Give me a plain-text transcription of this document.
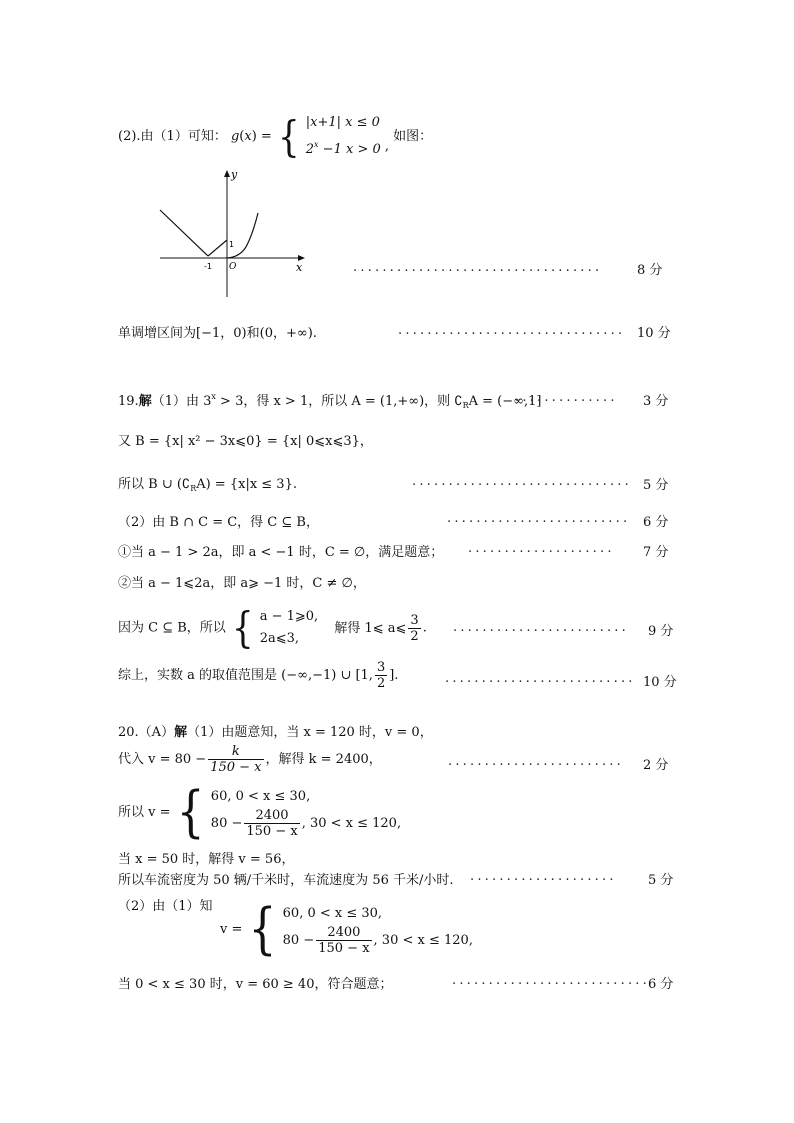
(2).由（1）可知： g(x) = { |x+1| x ≤ 0
$2^x -1$ x > 0 , 如图：
y
x
O
-1
1
..................................	8 分
单调增区间为[−1，0)和(0，+∞).	............................... 10 分
19.解（1）由 $3^x > 3$，得 x > 1，所以 A = (1,+∞)，则 $∁_RA = (-\infty,1]$
.............. 3 分
又 B = {x| x² − 3x⩽0} = {x| 0⩽x⩽3}，
所以 B ∪ $(∁_RA) = \{x|x \le 3\}$.	.............................. 5 分
（2）由 B ∩ C = C，得 C ⊆ B，	......................... 6 分
①当 a − 1 > 2a，即 a < −1 时，C = ∅，满足题意； .................... 7 分
②当 a − 1⩽2a，即 a⩾ −1 时，C ≠ ∅，
因为 C ⊆ B，所以 { a − 1⩾0,
2a⩽3,
解得 1⩽ a⩽ $\frac{3}{2}$ . ........................ 9 分
综上，实数 a 的取值范围是 (−∞,−1) ∪ [1, $\frac{3}{2}$ ].	.......................... 10 分
20.（A）解（1）由题意知，当 x = 120 时，v = 0，
代入 $v = 80 - \frac{k}{150 - x}$ ，解得 k = 2400，	........................ 2 分
所以 v = { 60, 0 < x ≤ 30,
$80 - \frac{2400}{150 - x}$ , 30 < x ≤ 120,
当 x = 50 时，解得 v = 56，
所以车流密度为 50 辆/千米时，车流速度为 56 千米/小时. .................... 5 分
（2）由（1）知
v = { 60, 0 < x ≤ 30,
$80 - \frac{2400}{150 - x}$ , 30 < x ≤ 120,
当 0 < x ≤ 30 时，v = 60 ≥ 40，符合题意；	...........................
6 分
